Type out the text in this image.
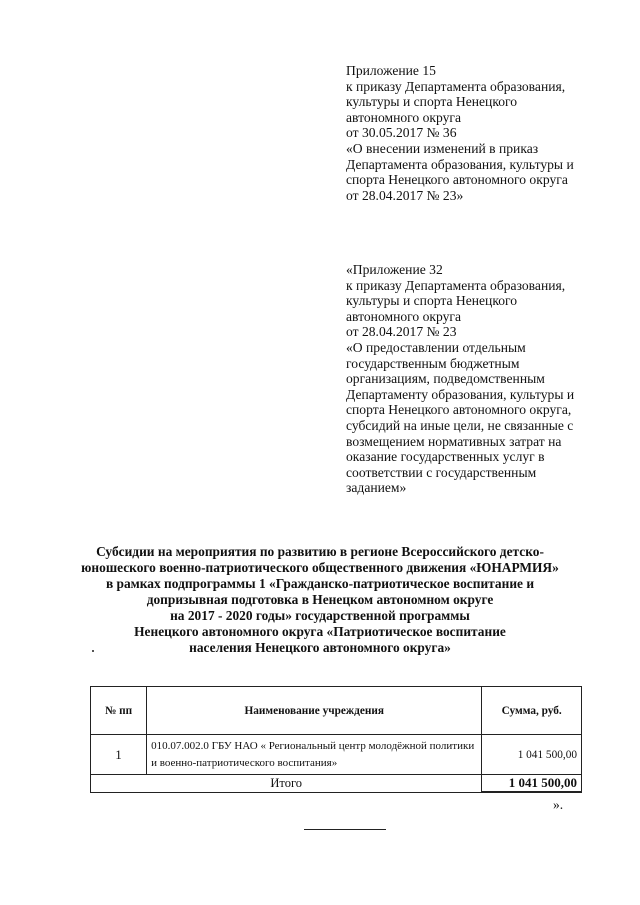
Приложение 15
к приказу Департамента образования,
культуры и спорта Ненецкого
автономного округа
от 30.05.2017 № 36
«О внесении изменений в приказ
Департамента образования, культуры и
спорта Ненецкого автономного округа
от 28.04.2017 № 23»
«Приложение 32
к приказу Департамента образования,
культуры и спорта Ненецкого
автономного округа
от 28.04.2017 № 23
«О предоставлении отдельным
государственным бюджетным
организациям, подведомственным
Департаменту образования, культуры и
спорта Ненецкого автономного округа,
субсидий на иные цели, не связанные с
возмещением нормативных затрат на
оказание государственных услуг в
соответствии с государственным
заданием»
Субсидии на мероприятия по развитию в регионе Всероссийского детско-
юношеского военно-патриотического общественного движения «ЮНАРМИЯ»
в рамках подпрограммы 1 «Гражданско-патриотическое воспитание и
допризывная подготовка в Ненецком автономном округе
на 2017 - 2020 годы» государственной программы
Ненецкого автономного округа «Патриотическое воспитание
населения Ненецкого автономного округа»
№ пп	Наименование учреждения	Сумма, руб.
1	010.07.002.0 ГБУ НАО « Региональный центр молодёжной политики и военно-патриотического воспитания»	1 041 500,00
Итого		1 041 500,00
».
